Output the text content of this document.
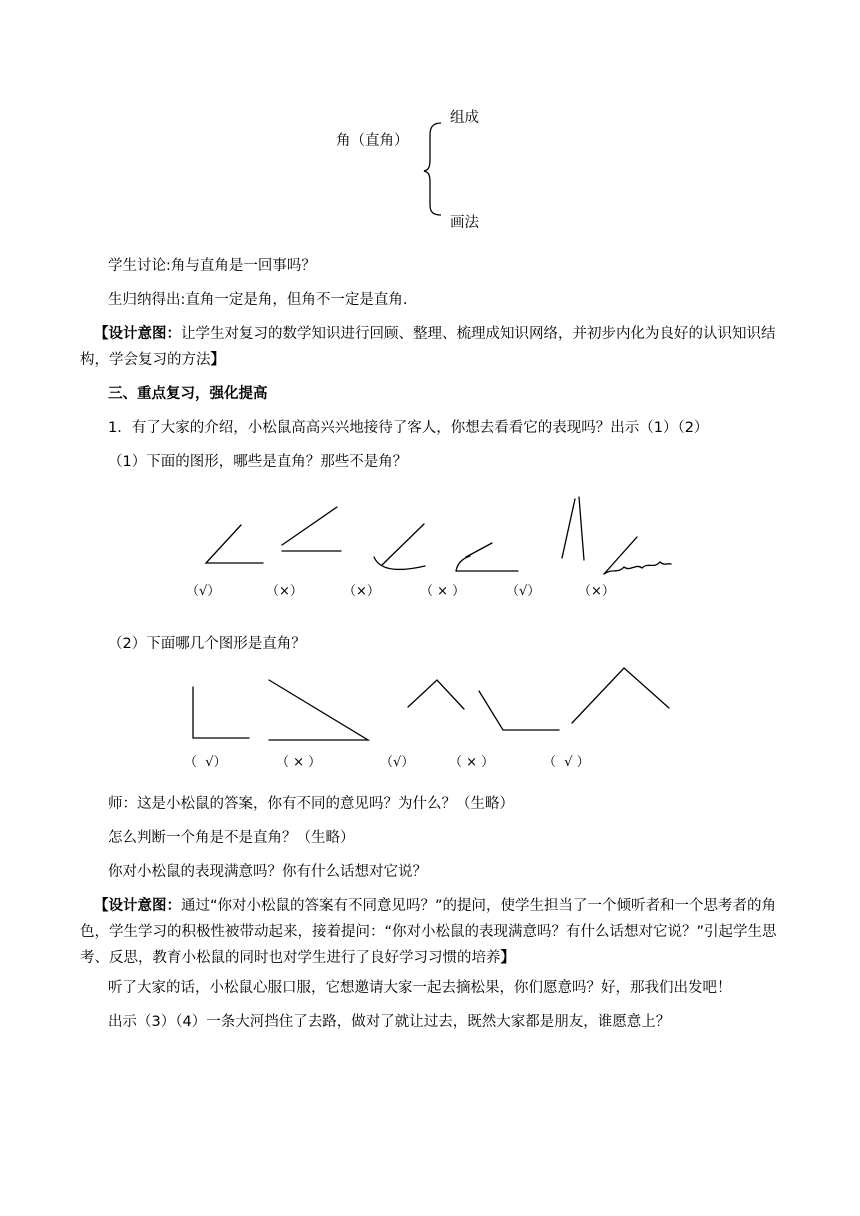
角（直角）
组成
画法
学生讨论:角与直角是一回事吗？
生归纳得出:直角一定是角，但角不一定是直角.
【设计意图：让学生对复习的数学知识进行回顾、整理、梳理成知识网络，并初步内化为良好的认识知识结构，学会复习的方法】
三、重点复习，强化提高
1．有了大家的介绍，小松鼠高高兴兴地接待了客人，你想去看看它的表现吗？出示（1）（2）
（1）下面的图形，哪些是直角？那些不是角？
（√）	（×）	（×）	（ × ）	（√）	（×）
（2）下面哪几个图形是直角？
（  √）	（ × ）	（√）	（ × ）	（  √ ）
师：这是小松鼠的答案，你有不同的意见吗？为什么？（生略）
怎么判断一个角是不是直角？（生略）
你对小松鼠的表现满意吗？你有什么话想对它说？
【设计意图：通过“你对小松鼠的答案有不同意见吗？”的提问，使学生担当了一个倾听者和一个思考者的角色，学生学习的积极性被带动起来，接着提问：“你对小松鼠的表现满意吗？有什么话想对它说？”引起学生思考、反思，教育小松鼠的同时也对学生进行了良好学习习惯的培养】
听了大家的话，小松鼠心服口服，它想邀请大家一起去摘松果，你们愿意吗？好，那我们出发吧！
出示（3）（4）一条大河挡住了去路，做对了就让过去，既然大家都是朋友，谁愿意上？
